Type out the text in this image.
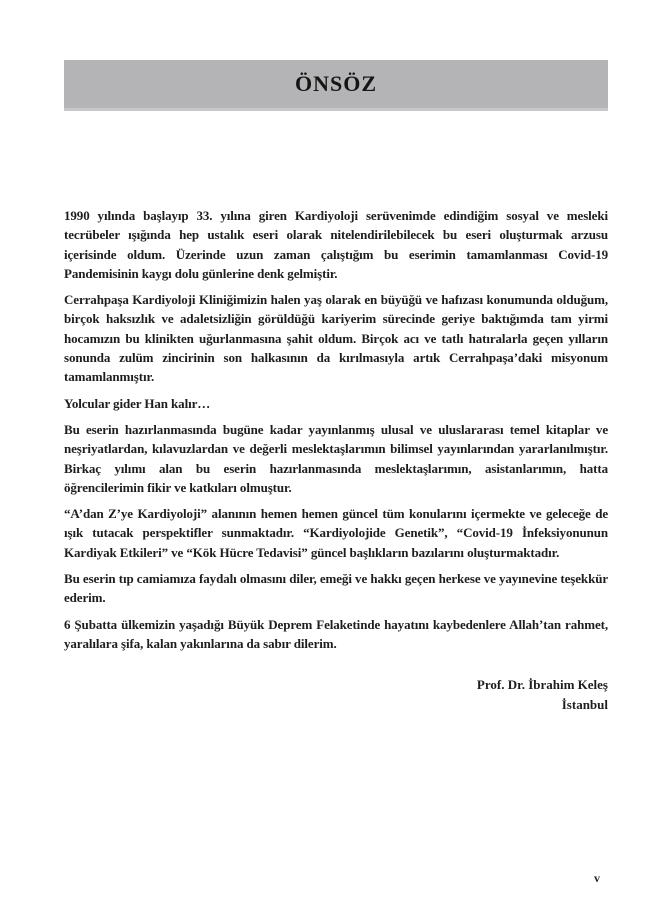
ÖNSÖZ

1990 yılında başlayıp 33. yılına giren Kardiyoloji serüvenimde edindiğim sosyal ve mesleki tecrübeler ışığında hep ustalık eseri olarak nitelendirilebilecek bu eseri oluşturmak arzusu içerisinde oldum. Üzerinde uzun zaman çalıştığım bu eserimin tamamlanması Covid-19 Pandemisinin kaygı dolu günlerine denk gelmiştir.

Cerrahpaşa Kardiyoloji Kliniğimizin halen yaş olarak en büyüğü ve hafızası konumunda olduğum, birçok haksızlık ve adaletsizliğin görüldüğü kariyerim sürecinde geriye baktığımda tam yirmi hocamızın bu klinikten uğurlanmasına şahit oldum. Birçok acı ve tatlı hatıralarla geçen yılların sonunda zulüm zincirinin son halkasının da kırılmasıyla artık Cerrahpaşa’daki misyonum tamamlanmıştır.

Yolcular gider Han kalır…

Bu eserin hazırlanmasında bugüne kadar yayınlanmış ulusal ve uluslararası temel kitaplar ve neşriyatlardan, kılavuzlardan ve değerli meslektaşlarımın bilimsel yayınlarından yararlanılmıştır. Birkaç yılımı alan bu eserin hazırlanmasında meslektaşlarımın, asistanlarımın, hatta öğrencilerimin fikir ve katkıları olmuştur.

“A’dan Z’ye Kardiyoloji” alanının hemen hemen güncel tüm konularını içermekte ve geleceğe de ışık tutacak perspektifler sunmaktadır. “Kardiyolojide Genetik”, “Covid-19 İnfeksiyonunun Kardiyak Etkileri” ve “Kök Hücre Tedavisi” güncel başlıkların bazılarını oluşturmaktadır.

Bu eserin tıp camiamıza faydalı olmasını diler, emeği ve hakkı geçen herkese ve yayınevine teşekkür ederim.

6 Şubatta ülkemizin yaşadığı Büyük Deprem Felaketinde hayatını kaybedenlere Allah’tan rahmet, yaralılara şifa, kalan yakınlarına da sabır dilerim.

Prof. Dr. İbrahim Keleş
İstanbul
v
